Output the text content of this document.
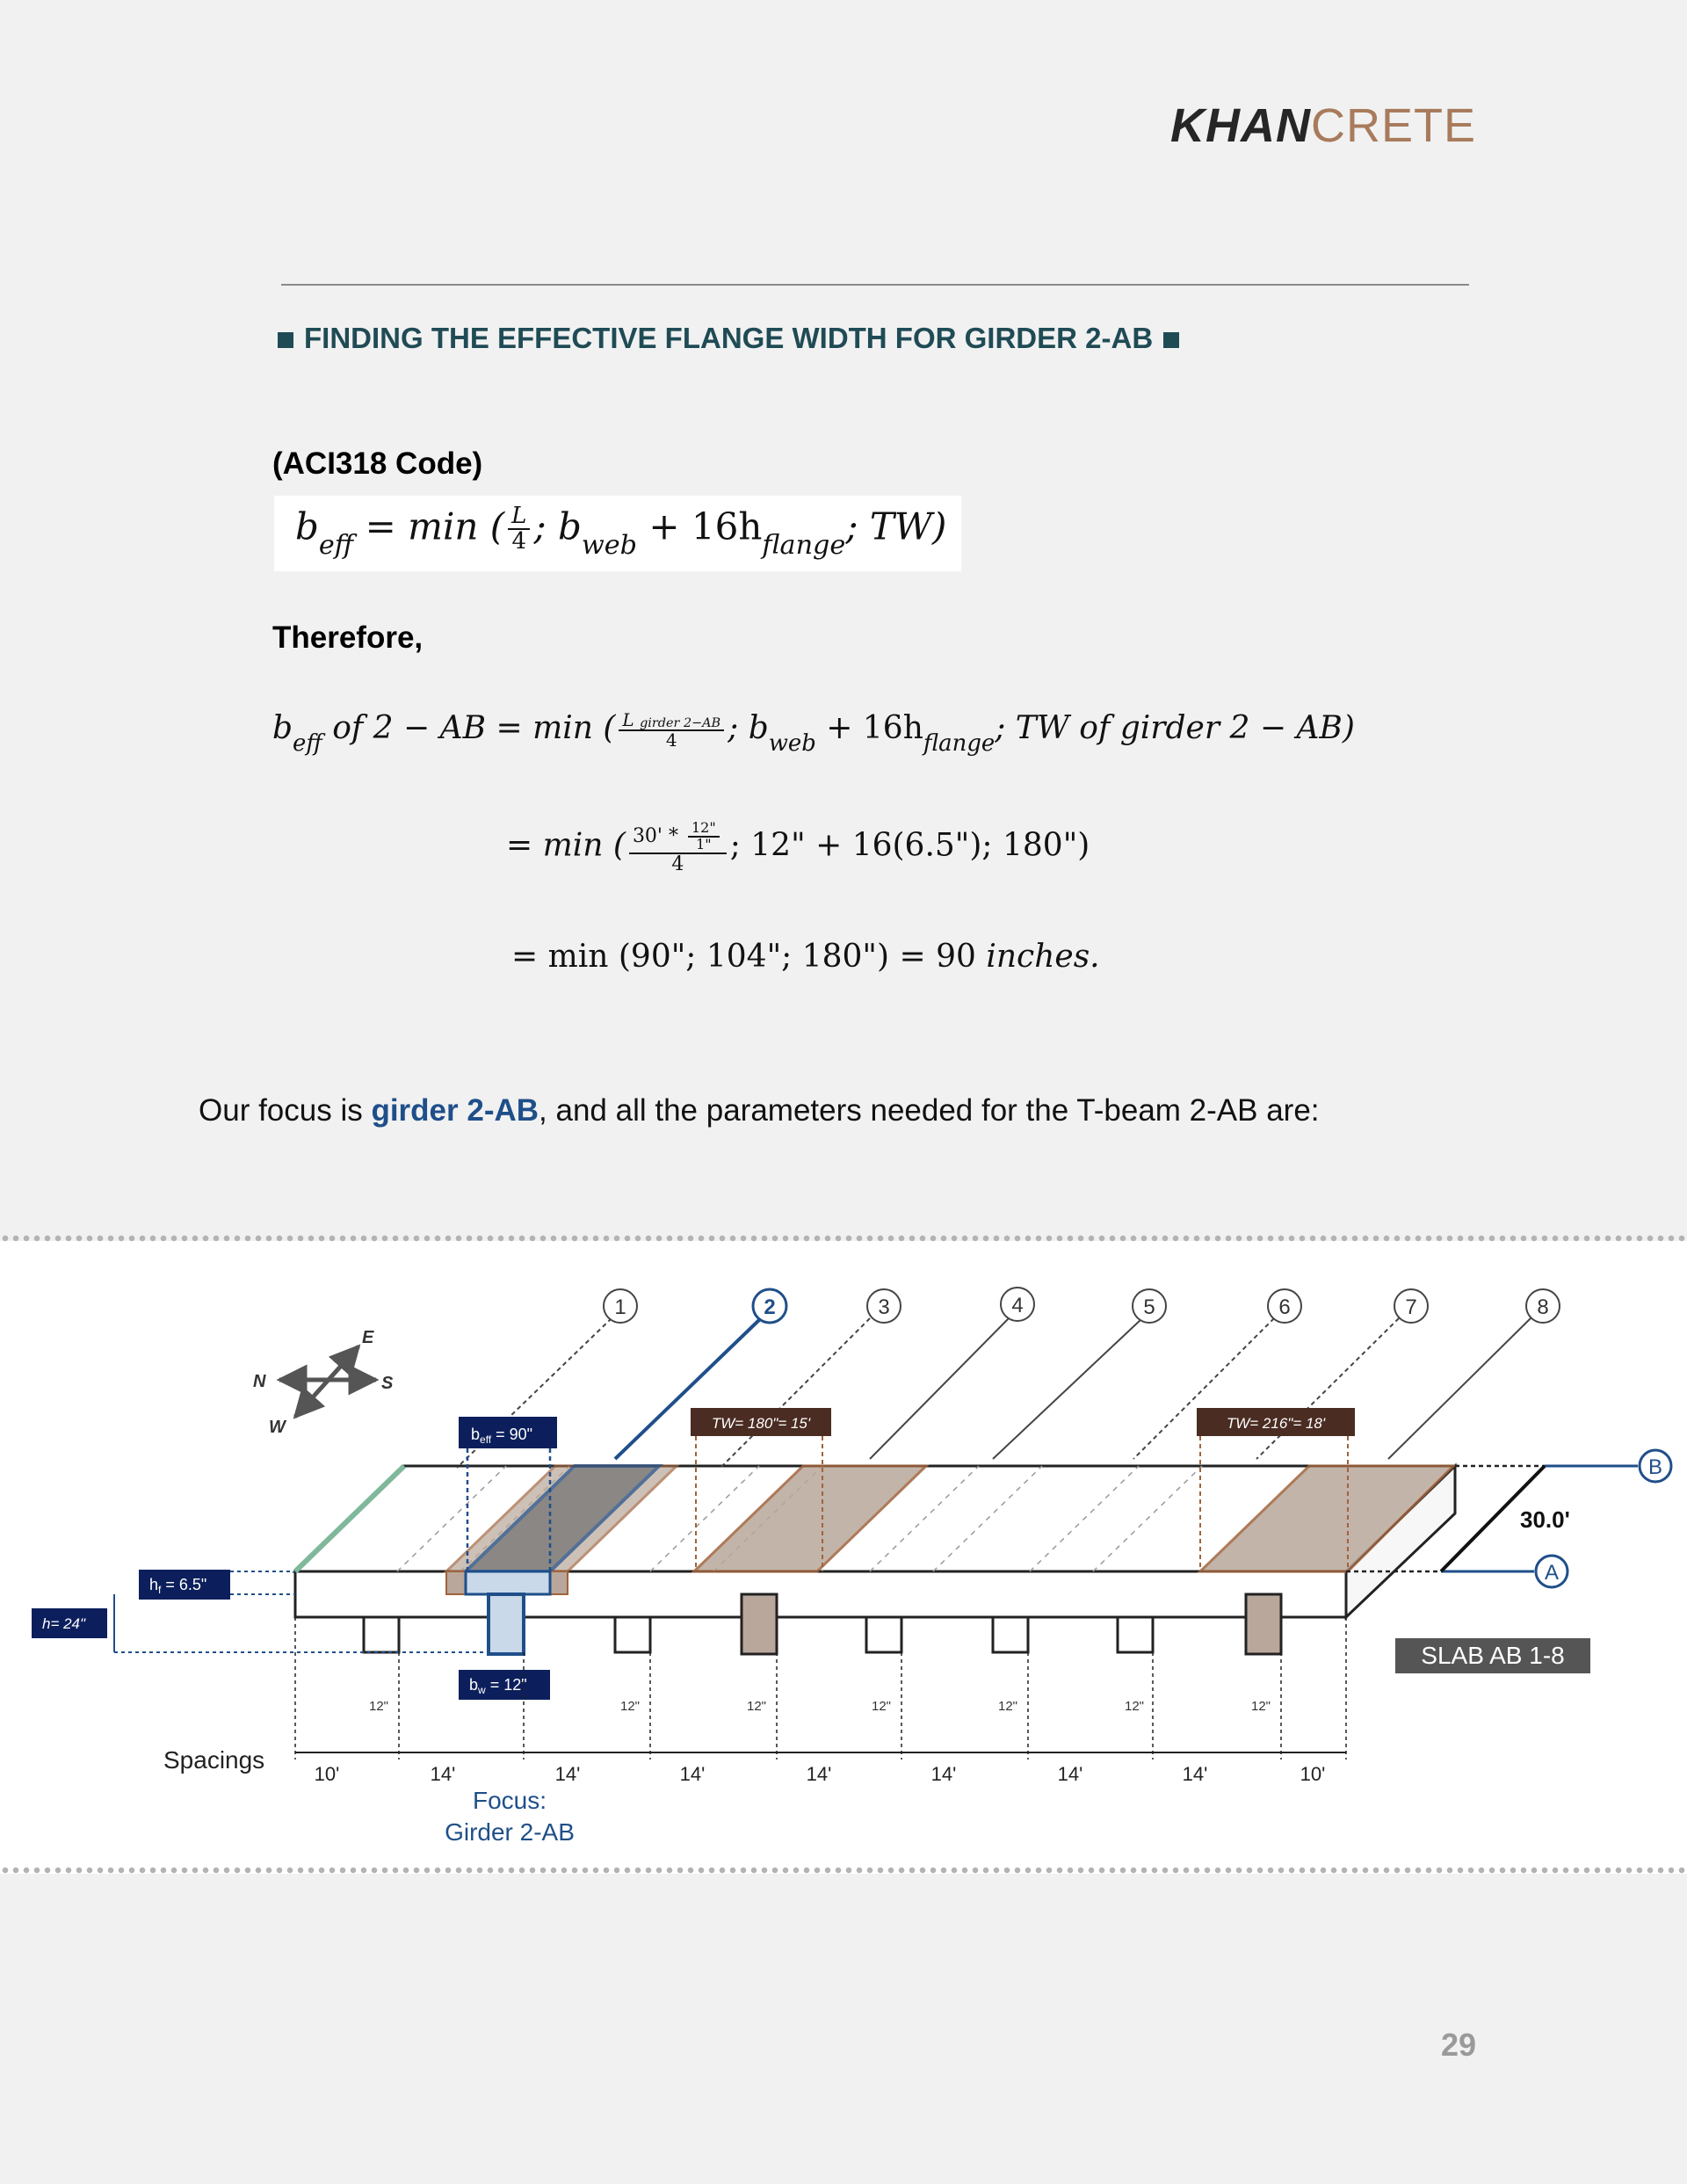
KHANCRETE
FINDING THE EFFECTIVE FLANGE WIDTH FOR GIRDER 2-AB
(ACI318 Code)
$b_{eff} = \min$ ( $\frac{L}{4}$ ; $b_{web} + 16h_{flange}$; TW)
Therefore,
$b_{eff}$ of 2 − AB = min ( $\frac{\text{L girder 2−AB}}{4}$ ; $b_{web} + 16h_{flange}$; TW of girder 2 − AB)
= min ( $\frac{30' * \frac{12"}{1"}}{4}$ ; 12" + 16(6.5"); 180")
= min (90"; 104"; 180") = 90 inches.
Our focus is girder 2-AB, and all the parameters needed for the T-beam 2-AB are:
N
E
S
W
1	2	3	4	5	6	7	8
$b_{eff} = 90$"
TW= 180"= 15'	TW= 216"= 18'
$h_f = 6.5$"
h= 24"
$b_w = 12$"
B
A
30.0'
SLAB AB 1-8
12"	12"	12"	12"	12"	12"	12"
Spacings
10'	14'	14'	14'	14'	14'	14'	14'	10'
Focus:
Girder 2-AB
29
